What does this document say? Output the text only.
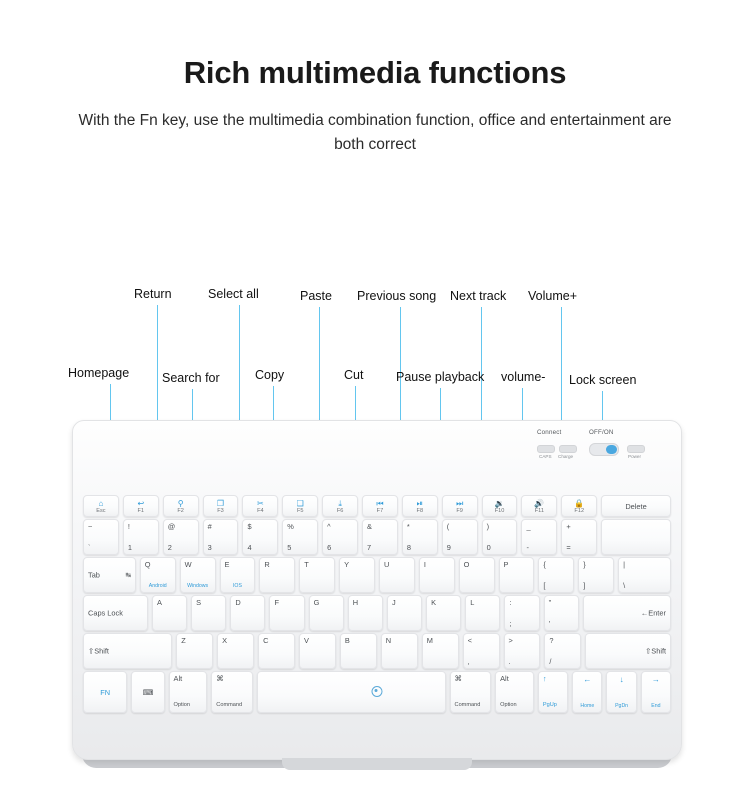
Rich multimedia functions
With the Fn key, use the multimedia combination function, office and entertainment are both correct
Return	Select all	Paste Previous song Next track Volume+
Homepage	Search for	Copy	Cut	Pause playback volume- Lock screen
Connect	OFF/ON
CAPS Charge	Power
⌂
Esc
↩
F1
⚲
F2
❐
F3
✂
F4
❑
F5
⤓
F6
⏮
F7
⏯
F8
⏭
F9
🔉
F10
🔊
F11
🔒
F12	Delete
~
`
!
1
@
2
#
3
$
4
%
5
^
6
&
7
*
8
(
9
)
0
_
-
+
=
Tab	↹
Q
Android
W
Windows
E
IOS
R	T	Y	U	I	O	P	{
[
}
]
|
\
Caps Lock
A	S	D	F	G	H	J	K	L	:
;
"
'
←Enter
⇧Shift
Z	X	C	V	B	N	M	<
,
>
.
?
/
⇧Shift
FN	⌨
Alt
Option
⌘
Command
⌘
Command
Alt
Option
↑
PgUp
←
Home
↓
PgDn
→
End
